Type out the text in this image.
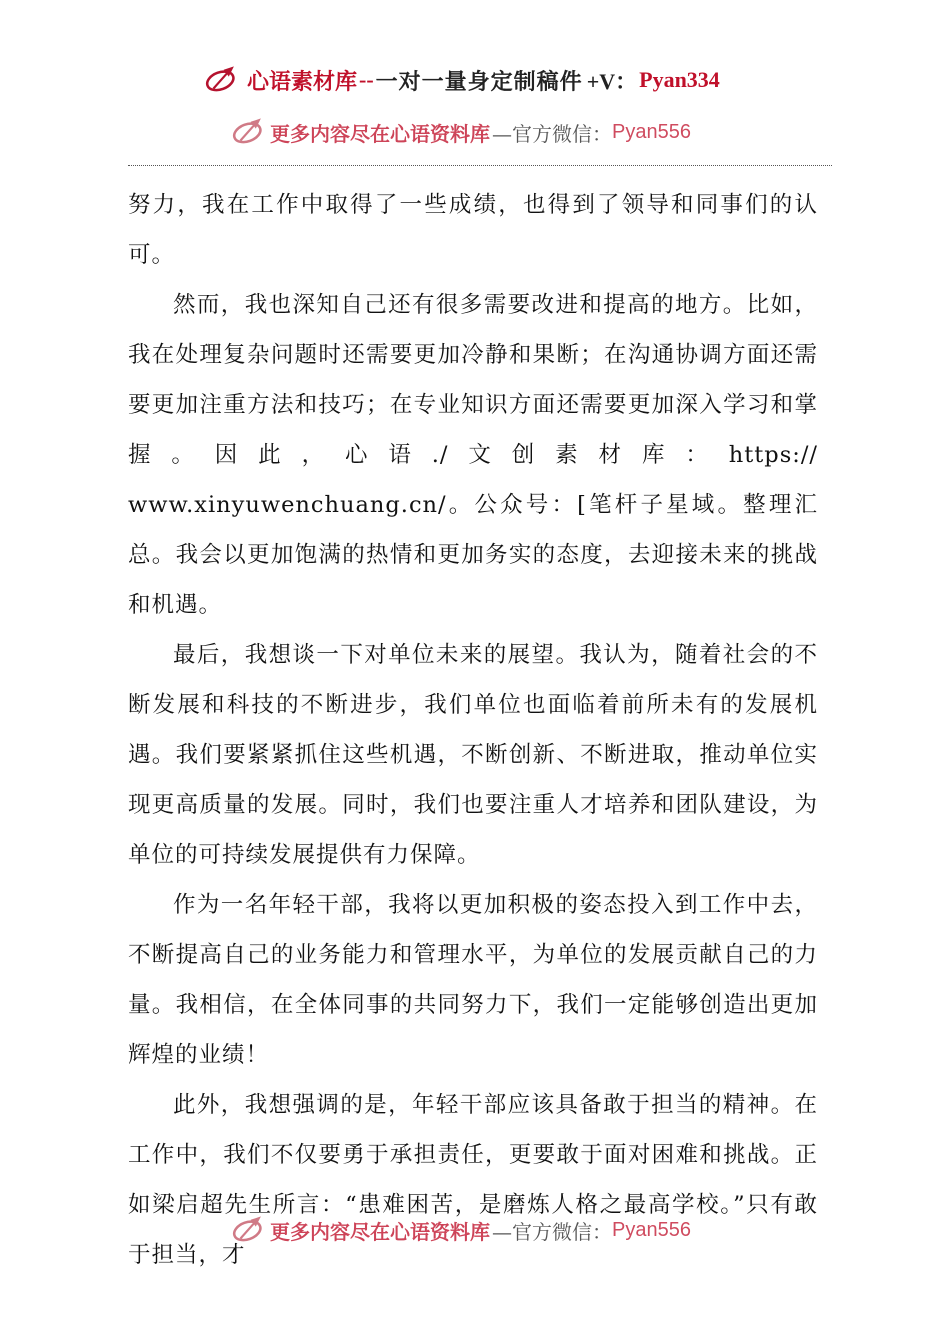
心语素材库 -- 一对一量身定制稿件 +V： Pyan334
更多内容尽在心语资料库 —官方微信： Pyan556

努力，我在工作中取得了一些成绩，也得到了领导和同事们的认可。

然而，我也深知自己还有很多需要改进和提高的地方。比如，我在处理复杂问题时还需要更加冷静和果断；在沟通协调方面还需要更加注重方法和技巧；在专业知识方面还需要更加深入学习和掌握。因此，心语./文创素材库：https:// www.xinyuwenchuang.cn/。公众号：[笔杆子星域。整理汇总。我会以更加饱满的热情和更加务实的态度，去迎接未来的挑战和机遇。

最后，我想谈一下对单位未来的展望。我认为，随着社会的不断发展和科技的不断进步，我们单位也面临着前所未有的发展机遇。我们要紧紧抓住这些机遇，不断创新、不断进取，推动单位实现更高质量的发展。同时，我们也要注重人才培养和团队建设，为单位的可持续发展提供有力保障。

作为一名年轻干部，我将以更加积极的姿态投入到工作中去，不断提高自己的业务能力和管理水平，为单位的发展贡献自己的力量。我相信，在全体同事的共同努力下，我们一定能够创造出更加辉煌的业绩！

此外，我想强调的是，年轻干部应该具备敢于担当的精神。在工作中，我们不仅要勇于承担责任，更要敢于面对困难和挑战。正如梁启超先生所言：“患难困苦，是磨炼人格之最高学校。”只有敢于担当，才

更多内容尽在心语资料库 —官方微信： Pyan556
